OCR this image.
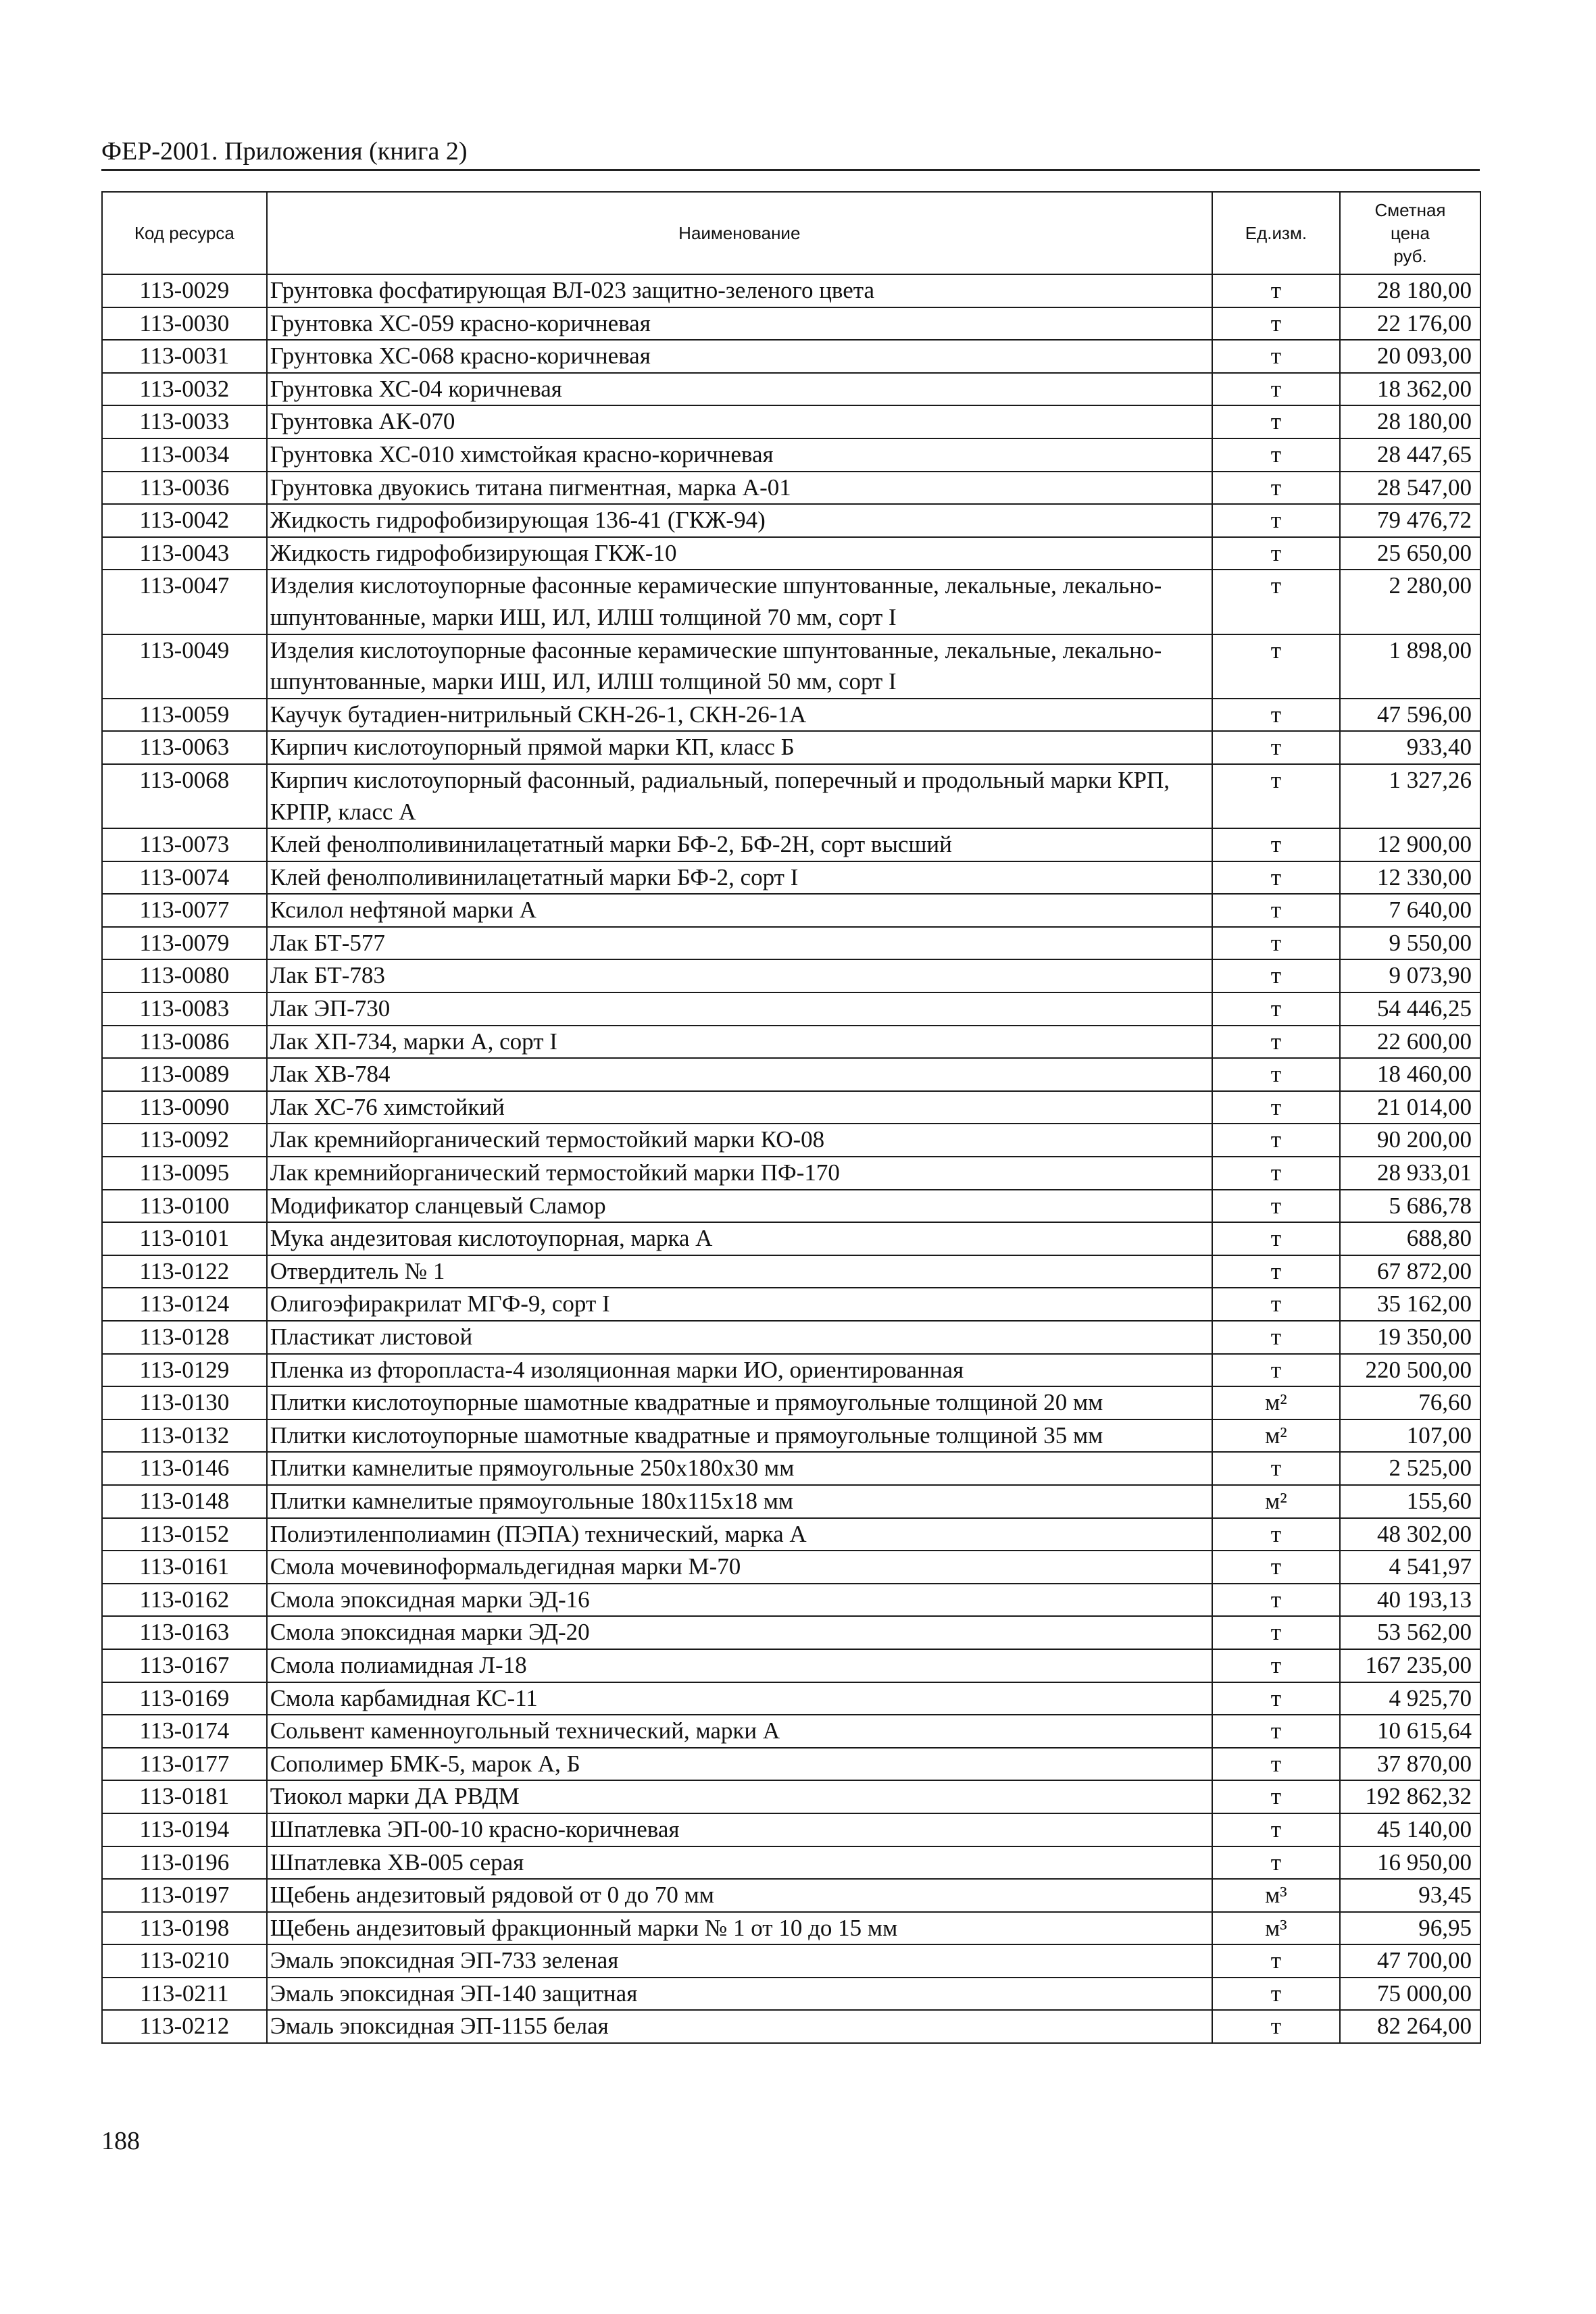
ФЕР-2001. Приложения (книга 2)
Код ресурса	Наименование	Ед.изм.	Сметная
цена
руб.

113-0029	Грунтовка фосфатирующая ВЛ-023 защитно-зеленого цвета	т	28 180,00
113-0030	Грунтовка ХС-059 красно-коричневая	т	22 176,00
113-0031	Грунтовка ХС-068 красно-коричневая	т	20 093,00
113-0032	Грунтовка ХС-04 коричневая	т	18 362,00
113-0033	Грунтовка АК-070	т	28 180,00
113-0034	Грунтовка ХС-010 химстойкая красно-коричневая	т	28 447,65
113-0036	Грунтовка двуокись титана пигментная, марка А-01	т	28 547,00
113-0042	Жидкость гидрофобизирующая 136-41 (ГКЖ-94)	т	79 476,72
113-0043	Жидкость гидрофобизирующая ГКЖ-10	т	25 650,00
113-0047	Изделия кислотоупорные фасонные керамические шпунтованные, лекальные, лекально-шпунтованные, марки ИШ, ИЛ, ИЛШ толщиной 70 мм, сорт I	т	2 280,00
113-0049	Изделия кислотоупорные фасонные керамические шпунтованные, лекальные, лекально-шпунтованные, марки ИШ, ИЛ, ИЛШ толщиной 50 мм, сорт I	т	1 898,00
113-0059	Каучук бутадиен-нитрильный СКН-26-1, СКН-26-1А	т	47 596,00
113-0063	Кирпич кислотоупорный прямой марки КП, класс Б	т	933,40
113-0068	Кирпич кислотоупорный фасонный, радиальный, поперечный и продольный марки КРП, КРПР, класс А	т	1 327,26
113-0073	Клей фенолполивинилацетатный марки БФ-2, БФ-2Н, сорт высший	т	12 900,00
113-0074	Клей фенолполивинилацетатный марки БФ-2, сорт I	т	12 330,00
113-0077	Ксилол нефтяной марки А	т	7 640,00
113-0079	Лак БТ-577	т	9 550,00
113-0080	Лак БТ-783	т	9 073,90
113-0083	Лак ЭП-730	т	54 446,25
113-0086	Лак ХП-734, марки А, сорт I	т	22 600,00
113-0089	Лак ХВ-784	т	18 460,00
113-0090	Лак ХС-76 химстойкий	т	21 014,00
113-0092	Лак кремнийорганический термостойкий марки КО-08	т	90 200,00
113-0095	Лак кремнийорганический термостойкий марки ПФ-170	т	28 933,01
113-0100	Модификатор сланцевый Сламор	т	5 686,78
113-0101	Мука андезитовая кислотоупорная, марка А	т	688,80
113-0122	Отвердитель № 1	т	67 872,00
113-0124	Олигоэфиракрилат МГФ-9, сорт I	т	35 162,00
113-0128	Пластикат листовой	т	19 350,00
113-0129	Пленка из фторопласта-4 изоляционная марки ИО, ориентированная	т	220 500,00
113-0130	Плитки кислотоупорные шамотные квадратные и прямоугольные толщиной 20 мм	м²	76,60
113-0132	Плитки кислотоупорные шамотные квадратные и прямоугольные толщиной 35 мм	м²	107,00
113-0146	Плитки камнелитые прямоугольные 250х180х30 мм	т	2 525,00
113-0148	Плитки камнелитые прямоугольные 180х115х18 мм	м²	155,60
113-0152	Полиэтиленполиамин (ПЭПА) технический, марка А	т	48 302,00
113-0161	Смола мочевиноформальдегидная марки М-70	т	4 541,97
113-0162	Смола эпоксидная марки ЭД-16	т	40 193,13
113-0163	Смола эпоксидная марки ЭД-20	т	53 562,00
113-0167	Смола полиамидная Л-18	т	167 235,00
113-0169	Смола карбамидная КС-11	т	4 925,70
113-0174	Сольвент каменноугольный технический, марки А	т	10 615,64
113-0177	Сополимер БМК-5, марок А, Б	т	37 870,00
113-0181	Тиокол марки ДА РВДМ	т	192 862,32
113-0194	Шпатлевка ЭП-00-10 красно-коричневая	т	45 140,00
113-0196	Шпатлевка ХВ-005 серая	т	16 950,00
113-0197	Щебень андезитовый рядовой от 0 до 70 мм	м³	93,45
113-0198	Щебень андезитовый фракционный марки № 1 от 10 до 15 мм	м³	96,95
113-0210	Эмаль эпоксидная ЭП-733 зеленая	т	47 700,00
113-0211	Эмаль эпоксидная ЭП-140 защитная	т	75 000,00
113-0212	Эмаль эпоксидная ЭП-1155 белая	т	82 264,00
188
